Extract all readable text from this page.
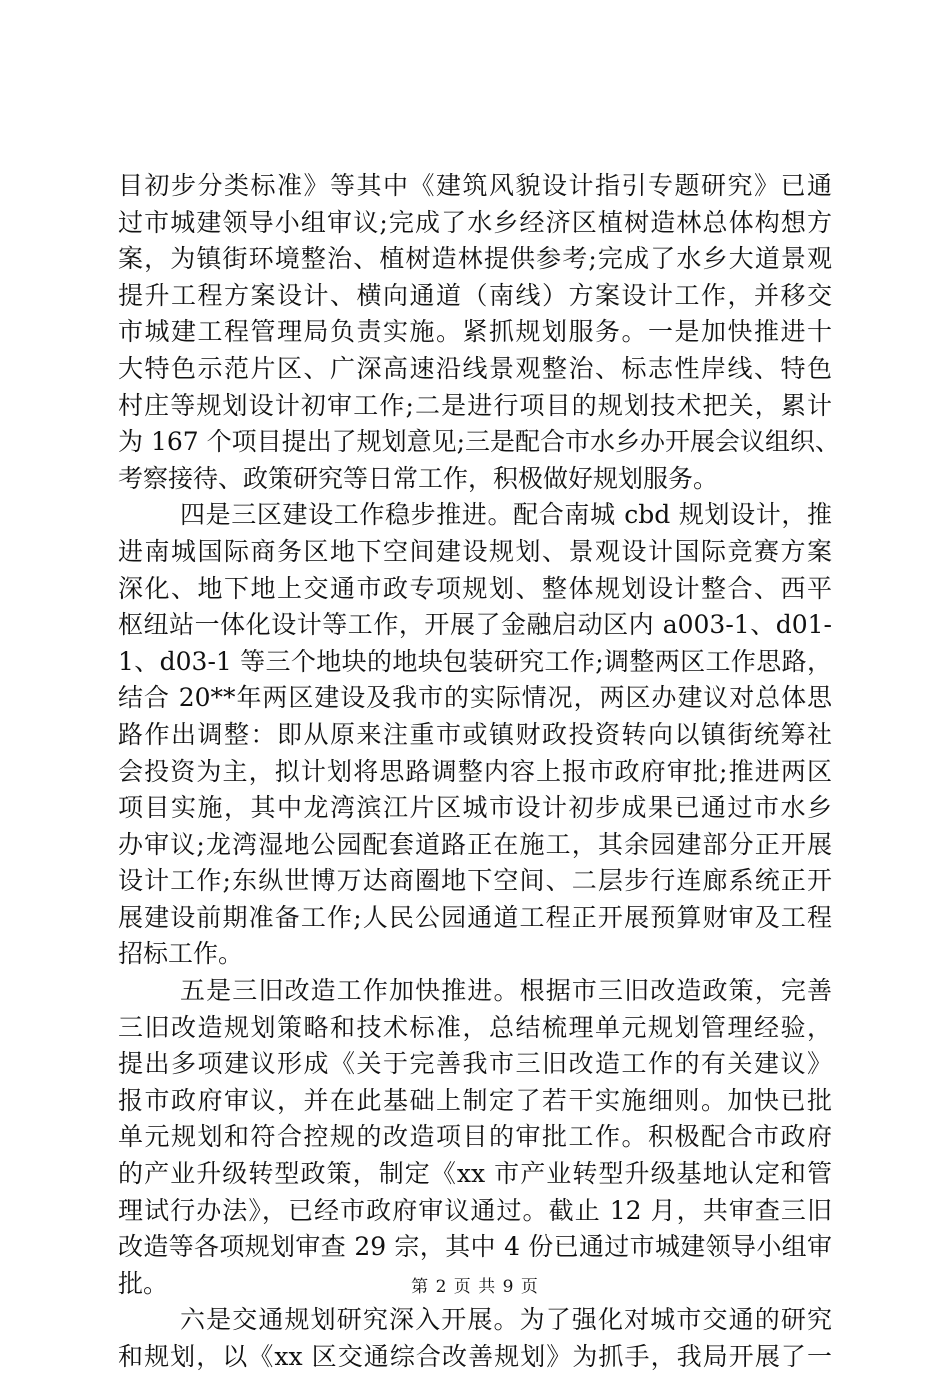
目初步分类标准》等其中《建筑风貌设计指引专题研究》已通
过市城建领导小组审议;完成了水乡经济区植树造林总体构想方
案，为镇街环境整治、植树造林提供参考;完成了水乡大道景观
提升工程方案设计、横向通道（南线）方案设计工作，并移交
市城建工程管理局负责实施。紧抓规划服务。一是加快推进十
大特色示范片区、广深高速沿线景观整治、标志性岸线、特色
村庄等规划设计初审工作;二是进行项目的规划技术把关，累计
为 167 个项目提出了规划意见;三是配合市水乡办开展会议组织、
考察接待、政策研究等日常工作，积极做好规划服务。
四是三区建设工作稳步推进。配合南城 cbd 规划设计，推
进南城国际商务区地下空间建设规划、景观设计国际竞赛方案
深化、地下地上交通市政专项规划、整体规划设计整合、西平
枢纽站一体化设计等工作，开展了金融启动区内 a003-1、d01-
1、d03-1 等三个地块的地块包装研究工作;调整两区工作思路，
结合 20**年两区建设及我市的实际情况，两区办建议对总体思
路作出调整：即从原来注重市或镇财政投资转向以镇街统筹社
会投资为主，拟计划将思路调整内容上报市政府审批;推进两区
项目实施，其中龙湾滨江片区城市设计初步成果已通过市水乡
办审议;龙湾湿地公园配套道路正在施工，其余园建部分正开展
设计工作;东纵世博万达商圈地下空间、二层步行连廊系统正开
展建设前期准备工作;人民公园通道工程正开展预算财审及工程
招标工作。
五是三旧改造工作加快推进。根据市三旧改造政策，完善
三旧改造规划策略和技术标准，总结梳理单元规划管理经验，
提出多项建议形成《关于完善我市三旧改造工作的有关建议》
报市政府审议，并在此基础上制定了若干实施细则。加快已批
单元规划和符合控规的改造项目的审批工作。积极配合市政府
的产业升级转型政策，制定《xx 市产业转型升级基地认定和管
理试行办法》，已经市政府审议通过。截止 12 月，共审查三旧
改造等各项规划审查 29 宗，其中 4 份已通过市城建领导小组审
批。
六是交通规划研究深入开展。为了强化对城市交通的研究
和规划，以《xx 区交通综合改善规划》为抓手，我局开展了一
第 2 页 共 9 页
